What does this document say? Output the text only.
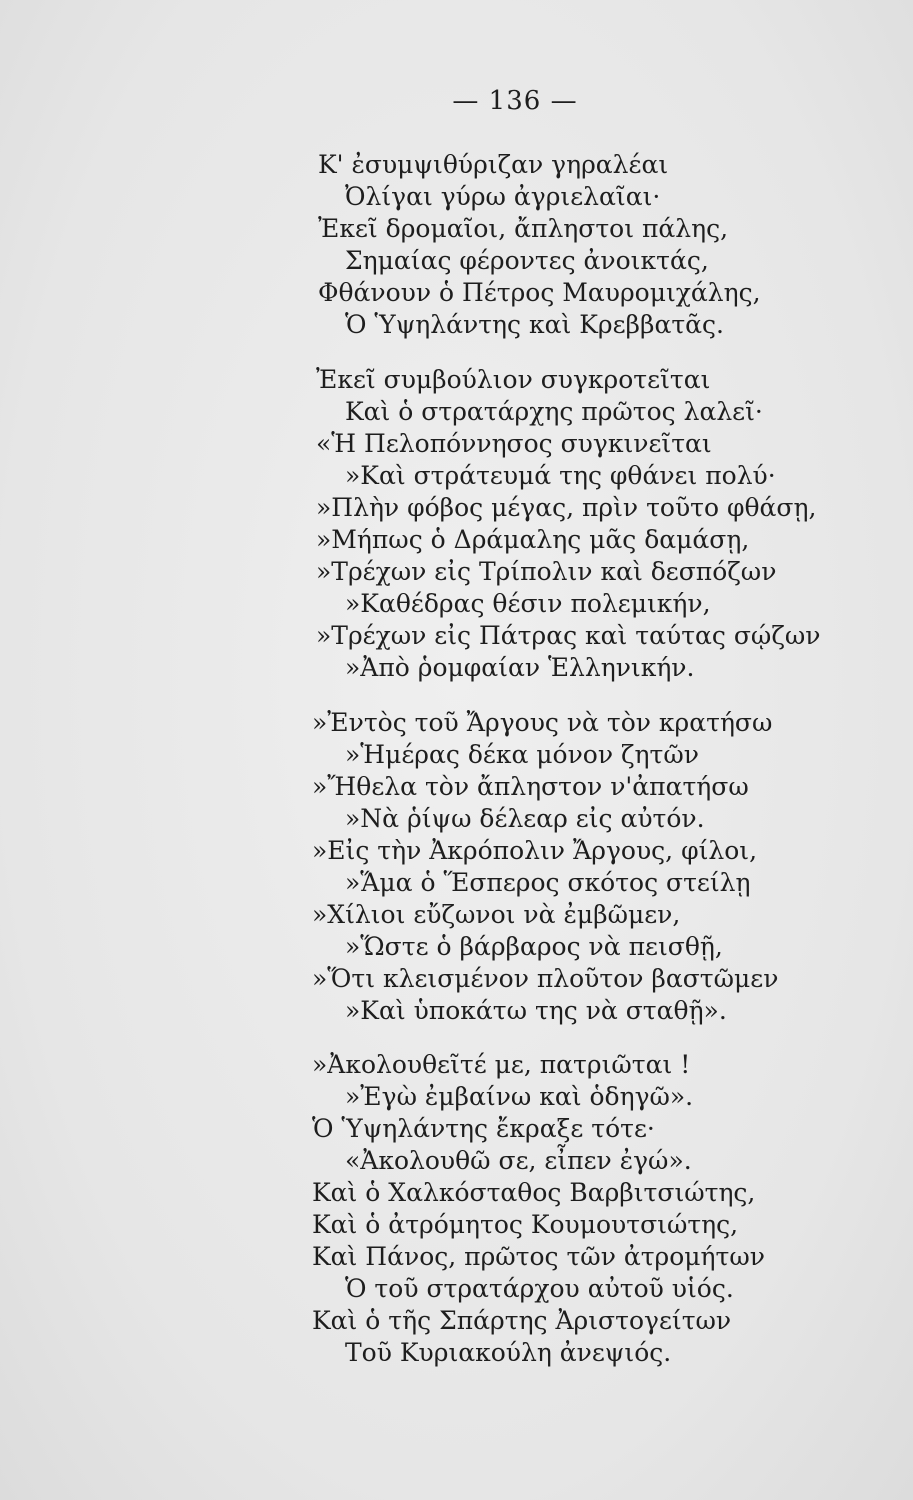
— 136 —
Κ' ἐσυμψιθύριζαν γηραλέαι
Ὀλίγαι γύρω ἀγριελαῖαι·
Ἐκεῖ δρομαῖοι, ἄπληστοι πάλης,
Σημαίας φέροντες ἀνοικτάς,
Φθάνουν ὁ Πέτρος Μαυρομιχάλης,
Ὁ Ὑψηλάντης καὶ Κρεββατᾶς.
Ἐκεῖ συμβούλιον συγκροτεῖται
Καὶ ὁ στρατάρχης πρῶτος λαλεῖ·
«Ἡ Πελοπόννησος συγκινεῖται
»Καὶ στράτευμά της φθάνει πολύ·
»Πλὴν φόβος μέγας, πρὶν τοῦτο φθάσῃ,
»Μήπως ὁ Δράμαλης μᾶς δαμάσῃ,
»Τρέχων εἰς Τρίπολιν καὶ δεσπόζων
»Καθέδρας θέσιν πολεμικήν,
»Τρέχων εἰς Πάτρας καὶ ταύτας σῴζων
»Ἀπὸ ῥομφαίαν Ἑλληνικήν.
»Ἐντὸς τοῦ Ἄργους νὰ τὸν κρατήσω
»Ἡμέρας δέκα μόνον ζητῶν
»Ἤθελα τὸν ἄπληστον ν'ἀπατήσω
»Νὰ ῥίψω δέλεαρ εἰς αὐτόν.
»Εἰς τὴν Ἀκρόπολιν Ἄργους, φίλοι,
»Ἅμα ὁ Ἕσπερος σκότος στείλῃ
»Χίλιοι εὔζωνοι νὰ ἐμβῶμεν,
»Ὥστε ὁ βάρβαρος νὰ πεισθῇ,
»Ὅτι κλεισμένον πλοῦτον βαστῶμεν
»Καὶ ὑποκάτω της νὰ σταθῇ».
»Ἀκολουθεῖτέ με, πατριῶται !
»Ἐγὼ ἐμβαίνω καὶ ὁδηγῶ».
Ὁ Ὑψηλάντης ἔκραξε τότε·
«Ἀκολουθῶ σε, εἶπεν ἐγώ».
Καὶ ὁ Χαλκόσταθος Βαρβιτσιώτης,
Καὶ ὁ ἀτρόμητος Κουμουτσιώτης,
Καὶ Πάνος, πρῶτος τῶν ἀτρομήτων
Ὁ τοῦ στρατάρχου αὐτοῦ υἱός.
Καὶ ὁ τῆς Σπάρτης Ἀριστογείτων
Τοῦ Κυριακούλη ἀνεψιός.
